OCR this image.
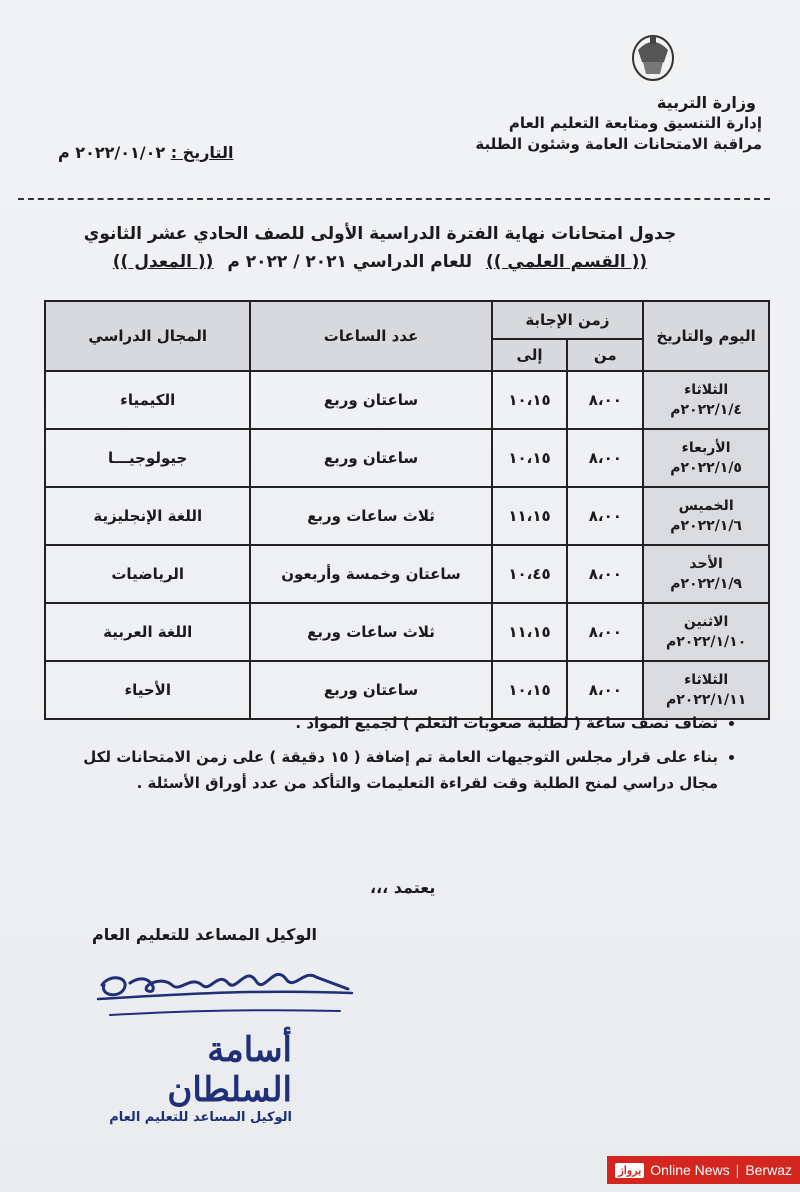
وزارة التربية
إدارة التنسيق ومتابعة التعليم العام
مراقبة الامتحانات العامة وشئون الطلبة
التاريخ : ٢٠٢٢/٠١/٠٢ م
جدول امتحانات نهاية الفترة الدراسية الأولى للصف الحادي عشر الثانوي
(( القسم العلمي )) للعام الدراسي ٢٠٢١ / ٢٠٢٢ م (( المعدل ))
اليوم والتاريخ	زمن الإجابة		عدد الساعات	المجال الدراسي
	من	إلى		

الثلاثاء
٢٠٢٢/١/٤م	٨،٠٠	١٠،١٥	ساعتان وربع	الكيمياء

الأربعاء
٢٠٢٢/١/٥م	٨،٠٠	١٠،١٥	ساعتان وربع	جيولوجيـــا

الخميس
٢٠٢٢/١/٦م	٨،٠٠	١١،١٥	ثلاث ساعات وربع	اللغة الإنجليزية

الأحد
٢٠٢٢/١/٩م	٨،٠٠	١٠،٤٥	ساعتان وخمسة وأربعون	الرياضيات

الاثنين
٢٠٢٢/١/١٠م	٨،٠٠	١١،١٥	ثلاث ساعات وربع	اللغة العربية

الثلاثاء
٢٠٢٢/١/١١م	٨،٠٠	١٠،١٥	ساعتان وربع	الأحياء
• تضاف نصف ساعة ( لطلبة صعوبات التعلم ) لجميع المواد .
• بناء على قرار مجلس التوجيهات العامة تم إضافة ( ١٥ دقيقة ) على زمن الامتحانات لكل مجال دراسي لمنح الطلبة وقت لقراءة التعليمات والتأكد من عدد أوراق الأسئلة .
يعتمد ،،،
الوكيل المساعد للتعليم العام
أسامة السلطان
الوكيل المساعد للتعليم العام
برواز Online News | Berwaz
